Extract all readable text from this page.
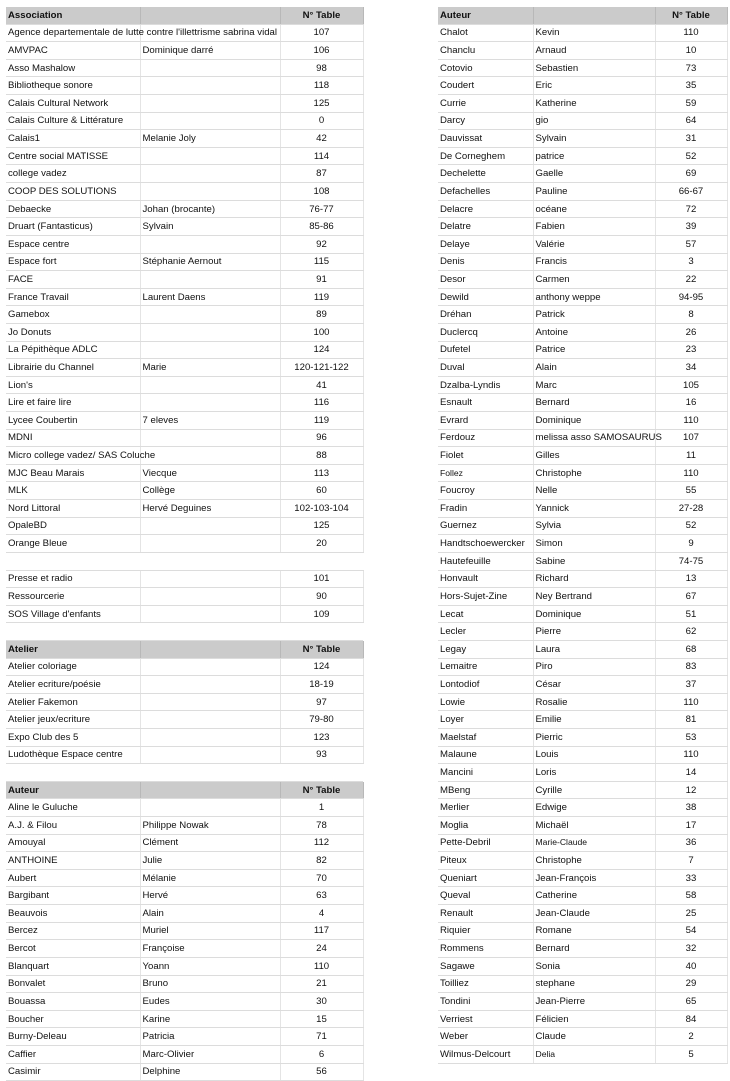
Association		N° Table
Agence departementale de lutte contre l'illettrisme sabrina vidal		107
AMVPAC	Dominique darré	106
Asso Mashalow		98
Bibliotheque sonore		118
Calais Cultural Network		125
Calais Culture & Littérature		0
Calais1	Melanie Joly	42
Centre social MATISSE		114
college vadez		87
COOP DES SOLUTIONS		108
Debaecke	Johan (brocante)	76-77
Druart (Fantasticus)	Sylvain	85-86
Espace centre		92
Espace fort	Stéphanie Aernout	115
FACE		91
France Travail	Laurent Daens	119
Gamebox		89
Jo Donuts		100
La Pépithèque ADLC		124
Librairie du Channel	Marie	120-121-122
Lion's		41
Lire et faire lire		116
Lycee Coubertin	7 eleves	119
MDNI		96
Micro college vadez/ SAS Coluche		88
MJC Beau Marais	Viecque	113
MLK	Collège	60
Nord Littoral	Hervé Deguines	102-103-104
OpaleBD		125
Orange Bleue		20

Presse et radio		101
Ressourcerie		90
SOS Village d'enfants		109

Atelier		N° Table
Atelier coloriage		124
Atelier ecriture/poésie		18-19
Atelier Fakemon		97
Atelier jeux/ecriture		79-80
Expo Club des 5		123
Ludothèque Espace centre		93

Auteur		N° Table
Aline le Guluche		1
A.J. & Filou	Philippe Nowak	78
Amouyal	Clément	112
ANTHOINE	Julie	82
Aubert	Mélanie	70
Bargibant	Hervé	63
Beauvois	Alain	4
Bercez	Muriel	117
Bercot	Françoise	24
Blanquart	Yoann	110
Bonvalet	Bruno	21
Bouassa	Eudes	30
Boucher	Karine	15
Burny-Deleau	Patricia	71
Caffier	Marc-Olivier	6
Casimir	Delphine	56
Auteur		N° Table
Chalot	Kevin	110
Chanclu	Arnaud	10
Cotovio	Sebastien	73
Coudert	Eric	35
Currie	Katherine	59
Darcy	gio	64
Dauvissat	Sylvain	31
De Corneghem	patrice	52
Dechelette	Gaelle	69
Defachelles	Pauline	66-67
Delacre	océane	72
Delatre	Fabien	39
Delaye	Valérie	57
Denis	Francis	3
Desor	Carmen	22
Dewild	anthony weppe	94-95
Dréhan	Patrick	8
Duclercq	Antoine	26
Dufetel	Patrice	23
Duval	Alain	34
Dzalba-Lyndis	Marc	105
Esnault	Bernard	16
Evrard	Dominique	110
Ferdouz	melissa asso SAMOSAURUS	107
Fiolet	Gilles	11
Follez	Christophe	110
Foucroy	Nelle	55
Fradin	Yannick	27-28
Guernez	Sylvia	52
Handtschoewercker	Simon	9
Hautefeuille	Sabine	74-75
Honvault	Richard	13
Hors-Sujet-Zine	Ney Bertrand	67
Lecat	Dominique	51
Lecler	Pierre	62
Legay	Laura	68
Lemaitre	Piro	83
Lontodiof	César	37
Lowie	Rosalie	110
Loyer	Emilie	81
Maelstaf	Pierric	53
Malaune	Louis	110
Mancini	Loris	14
MBeng	Cyrille	12
Merlier	Edwige	38
Moglia	Michaël	17
Pette-Debril	Marie-Claude	36
Piteux	Christophe	7
Queniart	Jean-François	33
Queval	Catherine	58
Renault	Jean-Claude	25
Riquier	Romane	54
Rommens	Bernard	32
Sagawe	Sonia	40
Toilliez	stephane	29
Tondini	Jean-Pierre	65
Verriest	Félicien	84
Weber	Claude	2
Wilmus-Delcourt	Delia	5
